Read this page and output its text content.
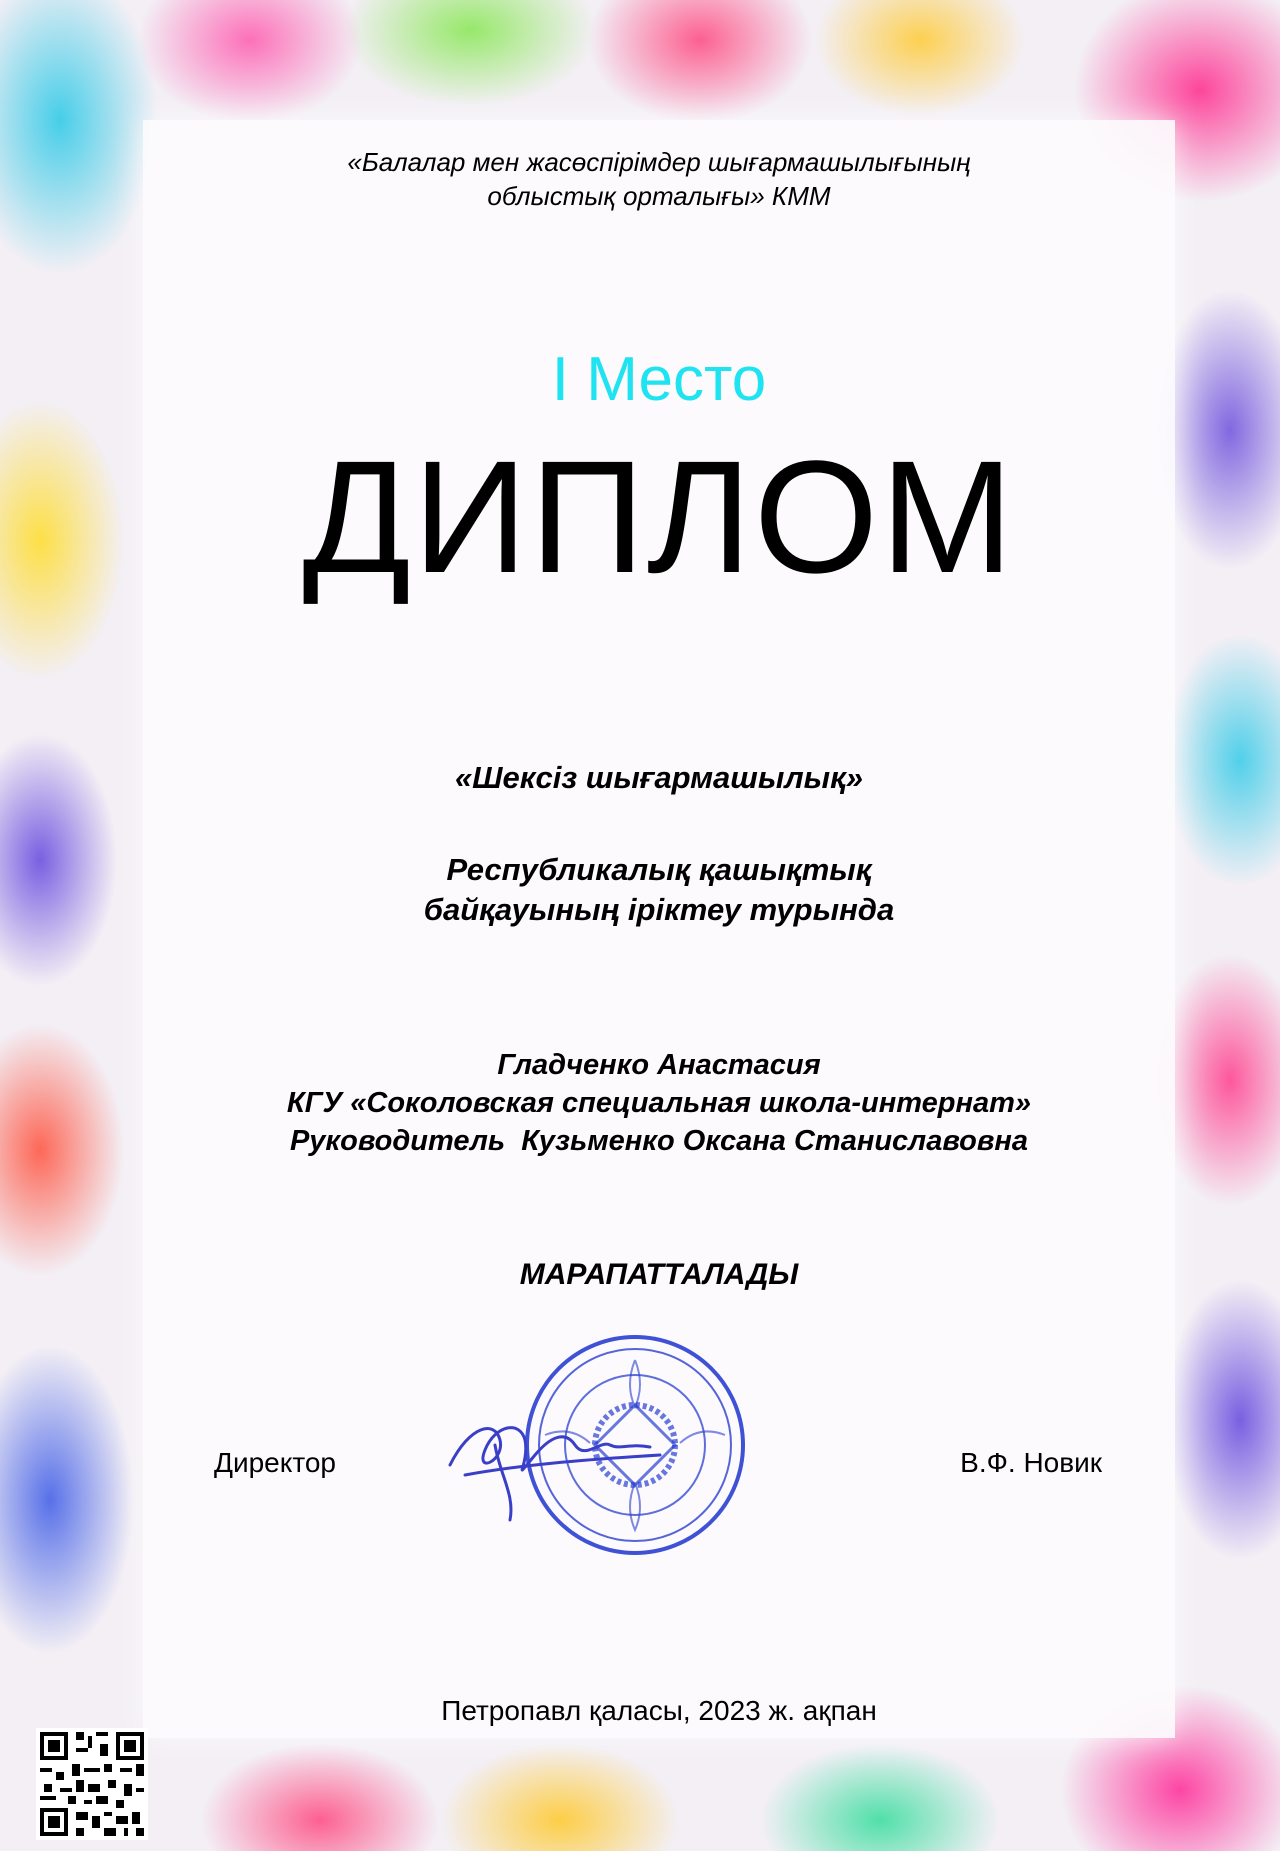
«Балалар мен жасөспірімдер шығармашылығының
облыстық орталығы» КММ
I Место
ДИПЛОМ
«Шексіз шығармашылық»
Республикалық қашықтық
байқауының іріктеу турында
Гладченко Анастасия
КГУ «Соколовская специальная школа-интернат»
Руководитель  Кузьменко Оксана Станиславовна
МАРАПАТТАЛАДЫ
Директор	В.Ф. Новик
Петропавл қаласы, 2023 ж. ақпан
